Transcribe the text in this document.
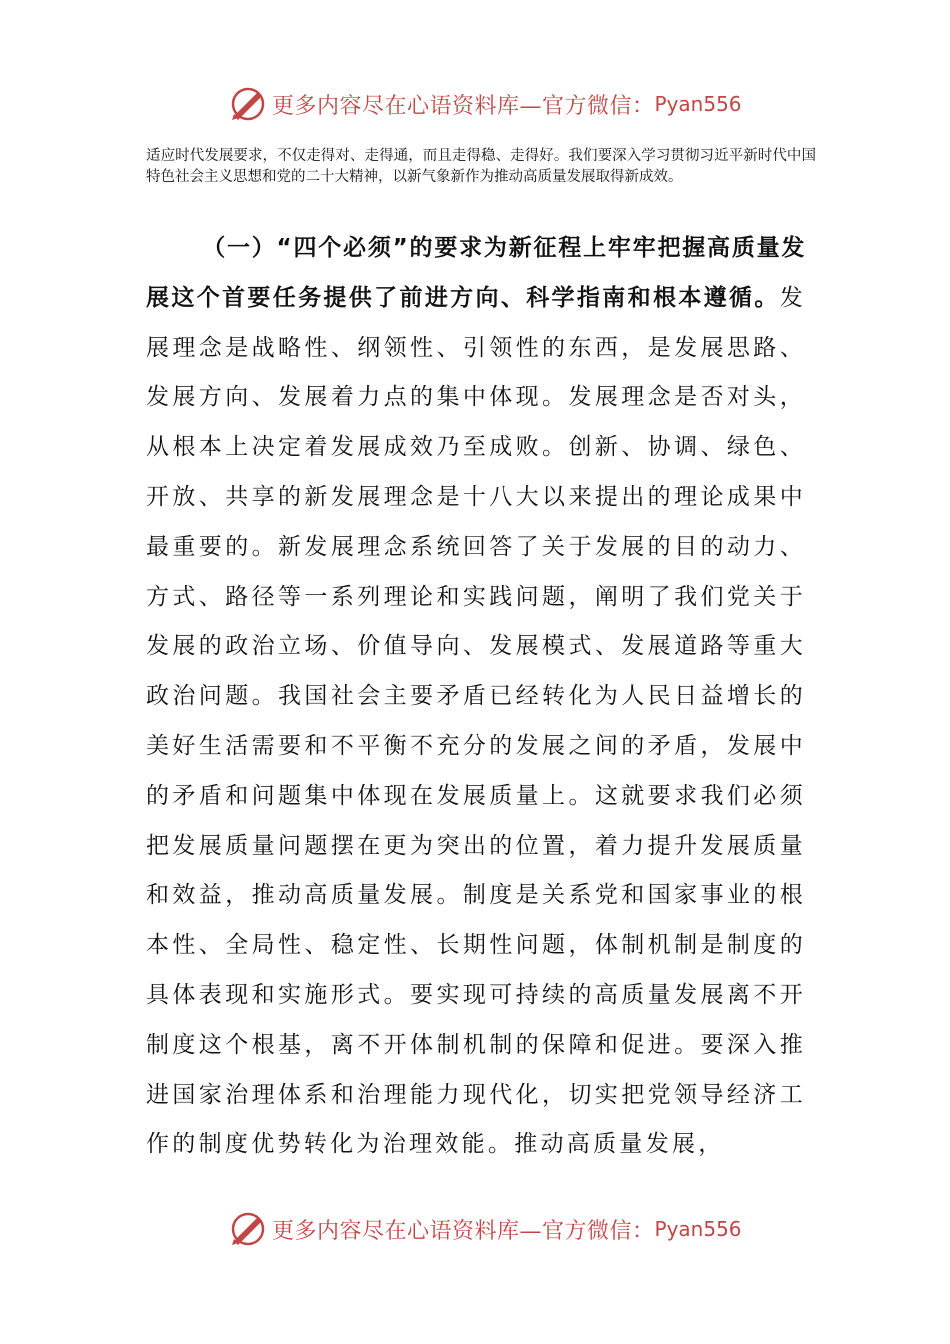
更多内容尽在心语资料库—官方微信： Pyan556
适应时代发展要求，不仅走得对、走得通，而且走得稳、走得好。我们要深入学习贯彻习近平新时代中国特色社会主义思想和党的二十大精神，以新气象新作为推动高质量发展取得新成效。
（一）“四个必须”的要求为新征程上牢牢把握高质量发展这个首要任务提供了前进方向、科学指南和根本遵循。发展理念是战略性、纲领性、引领性的东西，是发展思路、发展方向、发展着力点的集中体现。发展理念是否对头，从根本上决定着发展成效乃至成败。创新、协调、绿色、开放、共享的新发展理念是十八大以来提出的理论成果中最重要的。新发展理念系统回答了关于发展的目的动力、方式、路径等一系列理论和实践问题，阐明了我们党关于发展的政治立场、价值导向、发展模式、发展道路等重大政治问题。我国社会主要矛盾已经转化为人民日益增长的美好生活需要和不平衡不充分的发展之间的矛盾，发展中的矛盾和问题集中体现在发展质量上。这就要求我们必须把发展质量问题摆在更为突出的位置，着力提升发展质量和效益，推动高质量发展。制度是关系党和国家事业的根本性、全局性、稳定性、长期性问题，体制机制是制度的具体表现和实施形式。要实现可持续的高质量发展离不开制度这个根基，离不开体制机制的保障和促进。要深入推进国家治理体系和治理能力现代化，切实把党领导经济工作的制度优势转化为治理效能。推动高质量发展，
更多内容尽在心语资料库—官方微信： Pyan556
